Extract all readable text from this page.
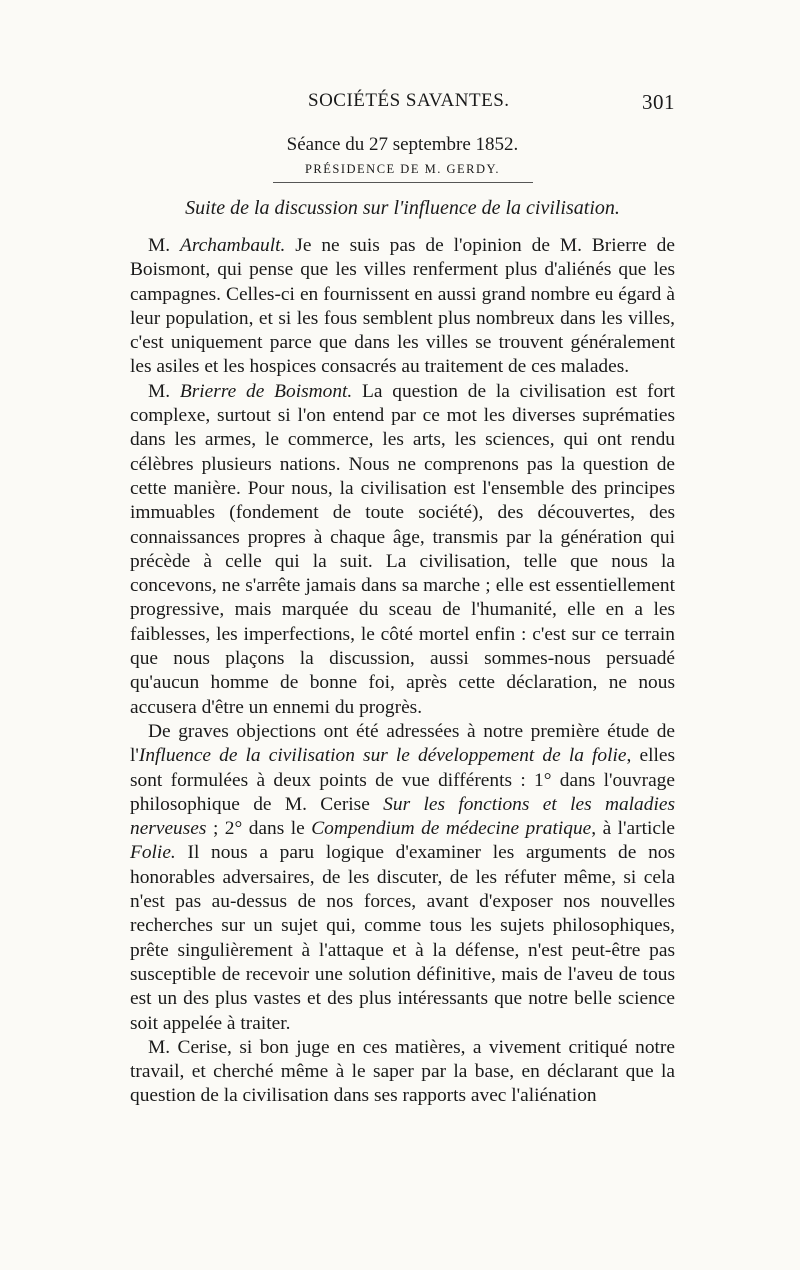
SOCIÉTÉS SAVANTES.	301
Séance du 27 septembre 1852.
PRÉSIDENCE DE M. GERDY.
Suite de la discussion sur l'influence de la civilisation.

M. Archambault. Je ne suis pas de l'opinion de M. Brierre de Boismont, qui pense que les villes renferment plus d'aliénés que les campagnes. Celles-ci en fournissent en aussi grand nombre eu égard à leur population, et si les fous semblent plus nombreux dans les villes, c'est uniquement parce que dans les villes se trouvent généralement les asiles et les hospices consacrés au traitement de ces malades.

M. Brierre de Boismont. La question de la civilisation est fort complexe, surtout si l'on entend par ce mot les diverses suprématies dans les armes, le commerce, les arts, les sciences, qui ont rendu célèbres plusieurs nations. Nous ne comprenons pas la question de cette manière. Pour nous, la civilisation est l'ensemble des principes immuables (fondement de toute société), des découvertes, des connaissances propres à chaque âge, transmis par la génération qui précède à celle qui la suit. La civilisation, telle que nous la concevons, ne s'arrête jamais dans sa marche ; elle est essentiellement progressive, mais marquée du sceau de l'humanité, elle en a les faiblesses, les imperfections, le côté mortel enfin : c'est sur ce terrain que nous plaçons la discussion, aussi sommes-nous persuadé qu'aucun homme de bonne foi, après cette déclaration, ne nous accusera d'être un ennemi du progrès.

De graves objections ont été adressées à notre première étude de l'Influence de la civilisation sur le développement de la folie, elles sont formulées à deux points de vue différents : 1° dans l'ouvrage philosophique de M. Cerise Sur les fonctions et les maladies nerveuses ; 2° dans le Compendium de médecine pratique, à l'article Folie. Il nous a paru logique d'examiner les arguments de nos honorables adversaires, de les discuter, de les réfuter même, si cela n'est pas au-dessus de nos forces, avant d'exposer nos nouvelles recherches sur un sujet qui, comme tous les sujets philosophiques, prête singulièrement à l'attaque et à la défense, n'est peut-être pas susceptible de recevoir une solution définitive, mais de l'aveu de tous est un des plus vastes et des plus intéressants que notre belle science soit appelée à traiter.

M. Cerise, si bon juge en ces matières, a vivement critiqué notre travail, et cherché même à le saper par la base, en déclarant que la question de la civilisation dans ses rapports avec l'aliénation
